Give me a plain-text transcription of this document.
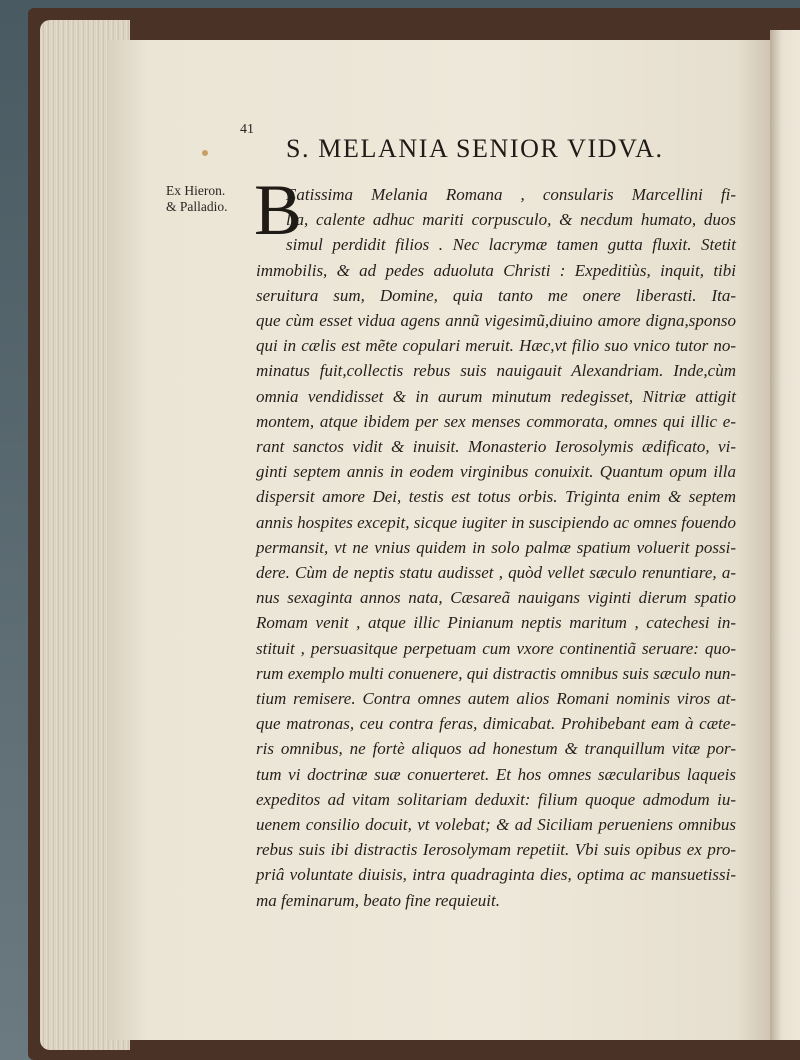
41
S. MELANIA SENIOR VIDVA.
Ex Hieron.
& Palladio. B
Eatissima Melania Romana , consularis Marcellini fi-
lia, calente adhuc mariti corpusculo, & necdum humato, duos
simul perdidit filios . Nec lacrymæ tamen gutta fluxit. Stetit
immobilis, & ad pedes aduoluta Christi : Expeditiùs, inquit, tibi
seruitura sum, Domine, quia tanto me onere liberasti. Ita-
que cùm esset vidua agens annũ vigesimũ,diuino amore digna,sponso
qui in cælis est mẽte copulari meruit. Hæc,vt filio suo vnico tutor no-
minatus fuit,collectis rebus suis nauigauit Alexandriam. Inde,cùm
omnia vendidisset & in aurum minutum redegisset, Nitriæ attigit
montem, atque ibidem per sex menses commorata, omnes qui illic e-
rant sanctos vidit & inuisit. Monasterio Ierosolymis ædificato, vi-
ginti septem annis in eodem virginibus conuixit. Quantum opum illa
dispersit amore Dei, testis est totus orbis. Triginta enim & septem
annis hospites excepit, sicque iugiter in suscipiendo ac omnes fouendo
permansit, vt ne vnius quidem in solo palmæ spatium voluerit possi-
dere. Cùm de neptis statu audisset , quòd vellet sæculo renuntiare, a-
nus sexaginta annos nata, Cæsareã nauigans viginti dierum spatio
Romam venit , atque illic Pinianum neptis maritum , catechesi in-
stituit , persuasitque perpetuam cum vxore continentiã seruare: quo-
rum exemplo multi conuenere, qui distractis omnibus suis sæculo nun-
tium remisere. Contra omnes autem alios Romani nominis viros at-
que matronas, ceu contra feras, dimicabat. Prohibebant eam à cæte-
ris omnibus, ne fortè aliquos ad honestum & tranquillum vitæ por-
tum vi doctrinæ suæ conuerteret. Et hos omnes sæcularibus laqueis
expeditos ad vitam solitariam deduxit: filium quoque admodum iu-
uenem consilio docuit, vt volebat; & ad Siciliam perueniens omnibus
rebus suis ibi distractis Ierosolymam repetiit. Vbi suis opibus ex pro-
priâ voluntate diuisis, intra quadraginta dies, optima ac mansuetissi-
ma feminarum, beato fine requieuit.
